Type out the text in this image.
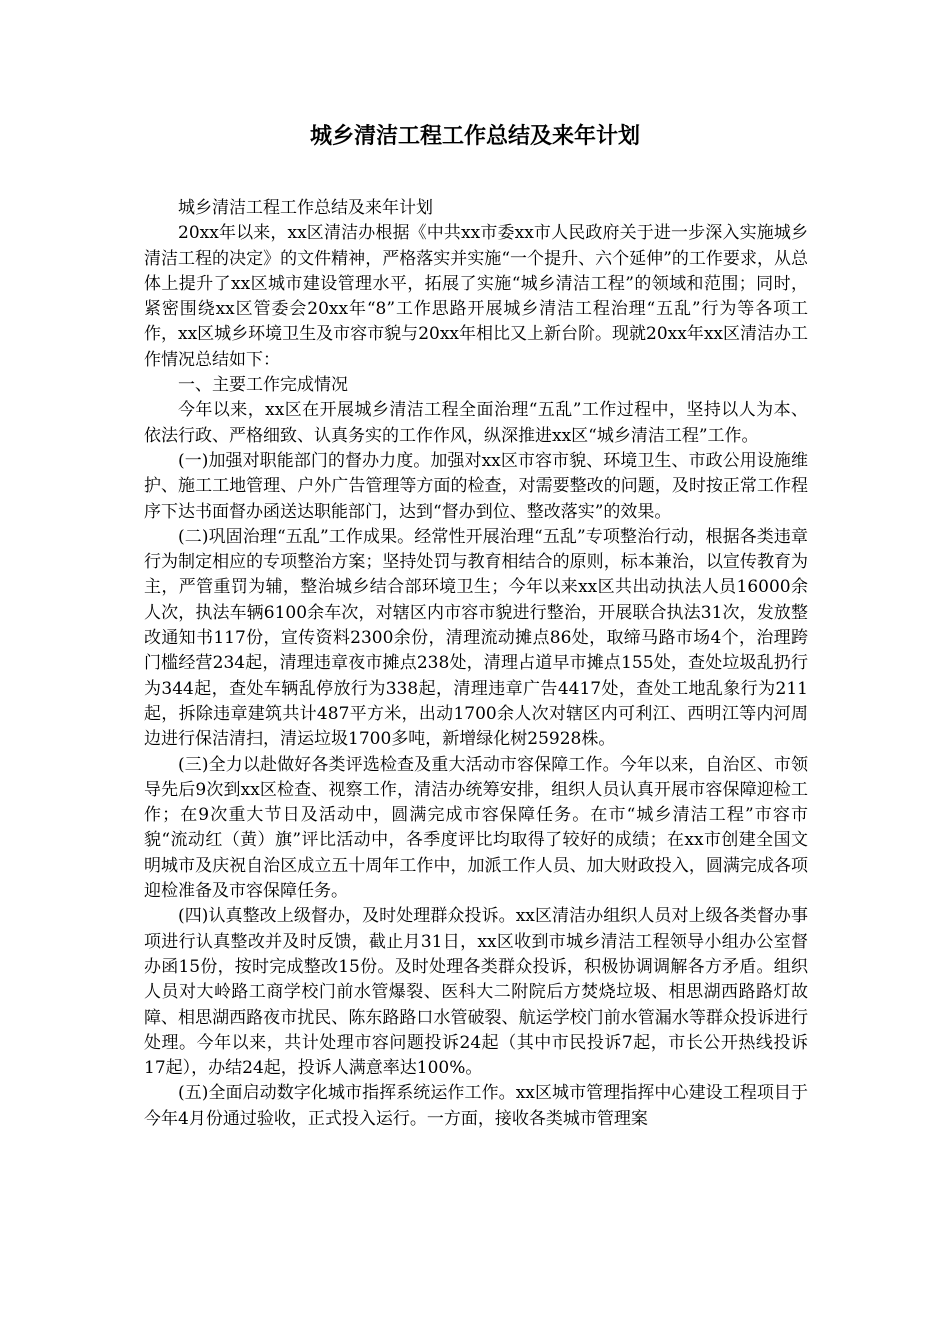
城乡清洁工程工作总结及来年计划

城乡清洁工程工作总结及来年计划

20xx年以来，xx区清洁办根据《中共xx市委xx市人民政府关于进一步深入实施城乡清洁工程的决定》的文件精神，严格落实并实施“一个提升、六个延伸”的工作要求，从总体上提升了xx区城市建设管理水平，拓展了实施“城乡清洁工程”的领域和范围；同时，紧密围绕xx区管委会20xx年“8”工作思路开展城乡清洁工程治理“五乱”行为等各项工作，xx区城乡环境卫生及市容市貌与20xx年相比又上新台阶。现就20xx年xx区清洁办工作情况总结如下：

一、主要工作完成情况

今年以来，xx区在开展城乡清洁工程全面治理“五乱”工作过程中，坚持以人为本、依法行政、严格细致、认真务实的工作作风，纵深推进xx区“城乡清洁工程”工作。

(一)加强对职能部门的督办力度。加强对xx区市容市貌、环境卫生、市政公用设施维护、施工工地管理、户外广告管理等方面的检查，对需要整改的问题，及时按正常工作程序下达书面督办函送达职能部门，达到“督办到位、整改落实”的效果。

(二)巩固治理“五乱”工作成果。经常性开展治理“五乱”专项整治行动，根据各类违章行为制定相应的专项整治方案；坚持处罚与教育相结合的原则，标本兼治，以宣传教育为主，严管重罚为辅，整治城乡结合部环境卫生；今年以来xx区共出动执法人员16000余人次，执法车辆6100余车次，对辖区内市容市貌进行整治，开展联合执法31次，发放整改通知书117份，宣传资料2300余份，清理流动摊点86处，取缔马路市场4个，治理跨门槛经营234起，清理违章夜市摊点238处，清理占道早市摊点155处，查处垃圾乱扔行为344起，查处车辆乱停放行为338起，清理违章广告4417处，查处工地乱象行为211起，拆除违章建筑共计487平方米，出动1700余人次对辖区内可利江、西明江等内河周边进行保洁清扫，清运垃圾1700多吨，新增绿化树25928株。

(三)全力以赴做好各类评选检查及重大活动市容保障工作。今年以来，自治区、市领导先后9次到xx区检查、视察工作，清洁办统筹安排，组织人员认真开展市容保障迎检工作；在9次重大节日及活动中，圆满完成市容保障任务。在市“城乡清洁工程”市容市貌“流动红（黄）旗”评比活动中，各季度评比均取得了较好的成绩；在xx市创建全国文明城市及庆祝自治区成立五十周年工作中，加派工作人员、加大财政投入，圆满完成各项迎检准备及市容保障任务。

(四)认真整改上级督办，及时处理群众投诉。xx区清洁办组织人员对上级各类督办事项进行认真整改并及时反馈，截止月31日，xx区收到市城乡清洁工程领导小组办公室督办函15份，按时完成整改15份。及时处理各类群众投诉，积极协调调解各方矛盾。组织人员对大岭路工商学校门前水管爆裂、医科大二附院后方焚烧垃圾、相思湖西路路灯故障、相思湖西路夜市扰民、陈东路路口水管破裂、航运学校门前水管漏水等群众投诉进行处理。今年以来，共计处理市容问题投诉24起（其中市民投诉7起，市长公开热线投诉17起），办结24起，投诉人满意率达100%。

(五)全面启动数字化城市指挥系统运作工作。xx区城市管理指挥中心建设工程项目于今年4月份通过验收，正式投入运行。一方面，接收各类城市管理案
